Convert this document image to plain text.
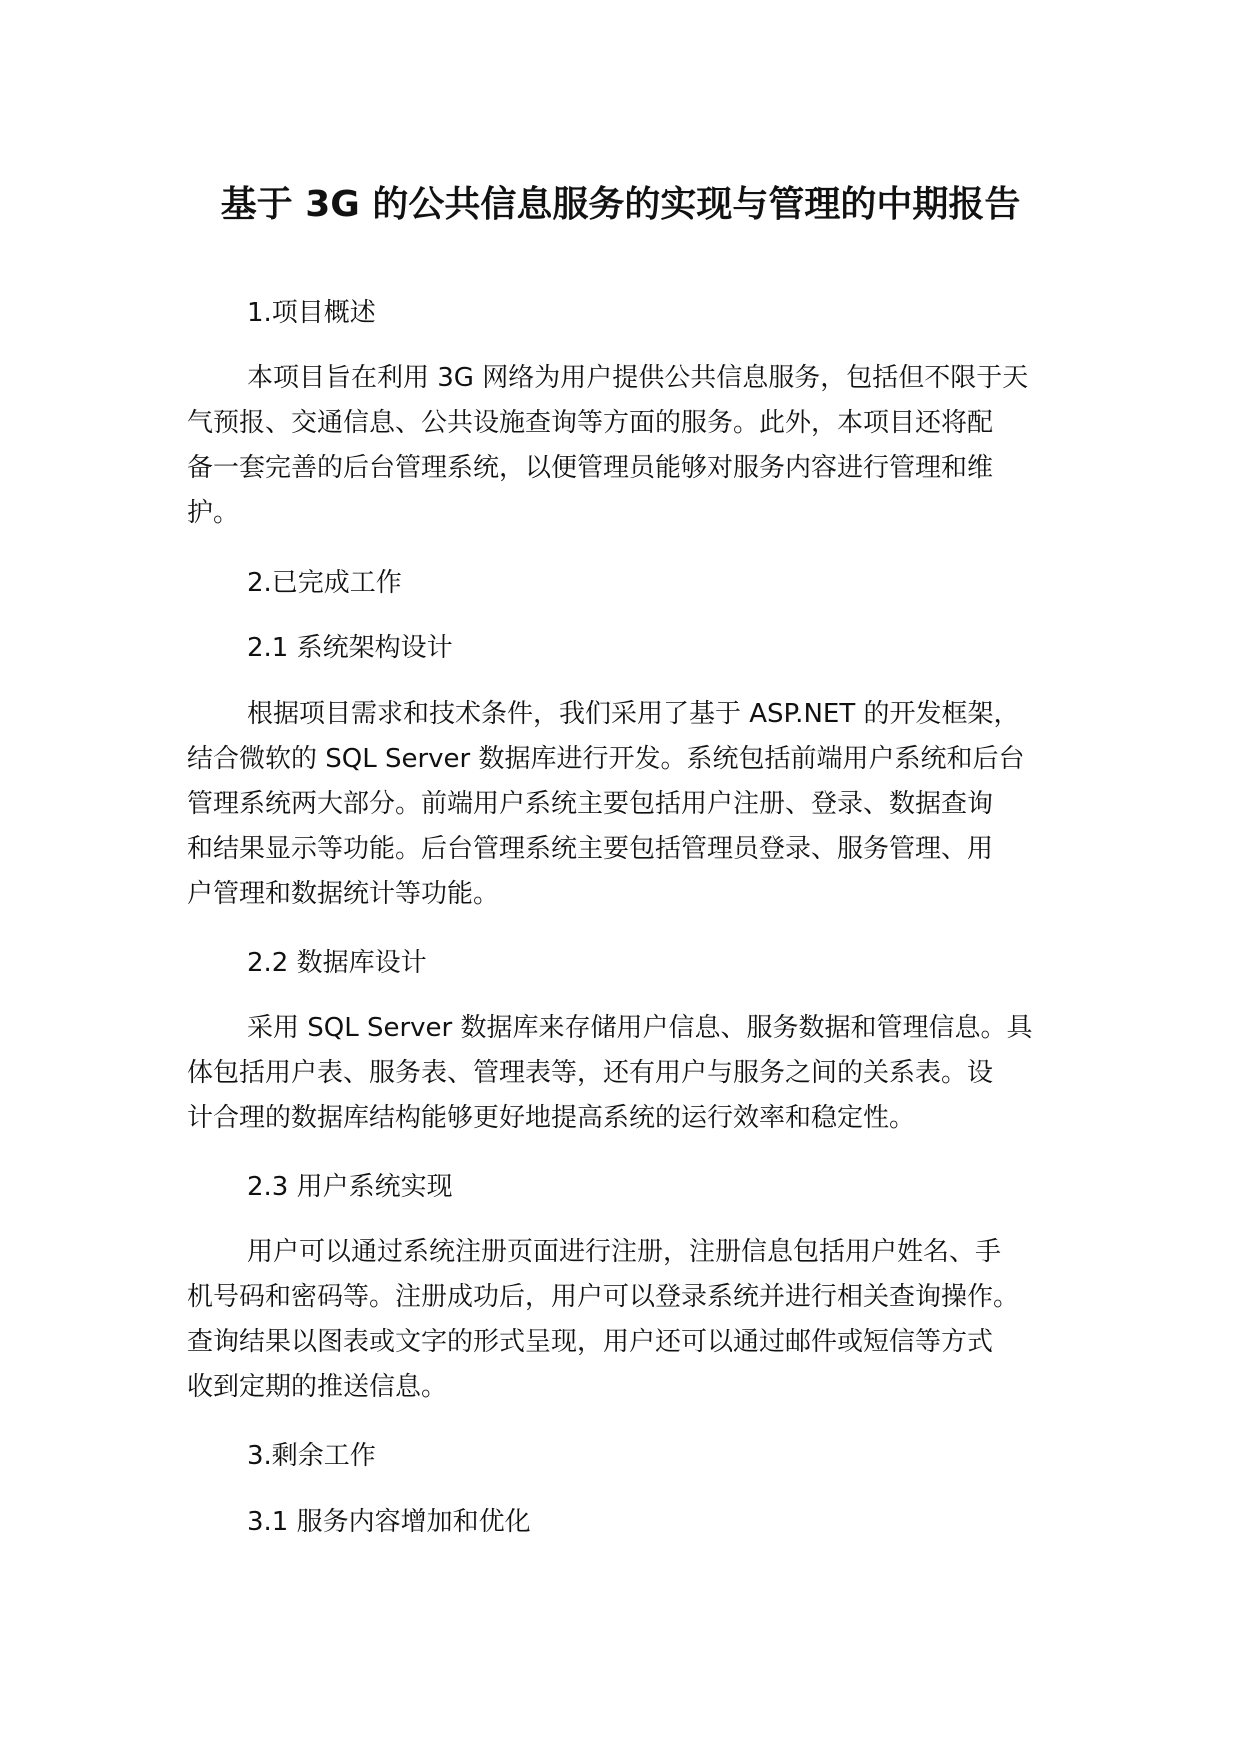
基于 3G 的公共信息服务的实现与管理的中期报告

1.项目概述

本项目旨在利用 3G 网络为用户提供公共信息服务，包括但不限于天

气预报、交通信息、公共设施查询等方面的服务。此外，本项目还将配

备一套完善的后台管理系统，以便管理员能够对服务内容进行管理和维

护。

2.已完成工作

2.1 系统架构设计

根据项目需求和技术条件，我们采用了基于 ASP.NET 的开发框架，

结合微软的 SQL Server 数据库进行开发。系统包括前端用户系统和后台

管理系统两大部分。前端用户系统主要包括用户注册、登录、数据查询

和结果显示等功能。后台管理系统主要包括管理员登录、服务管理、用

户管理和数据统计等功能。

2.2 数据库设计

采用 SQL Server 数据库来存储用户信息、服务数据和管理信息。具

体包括用户表、服务表、管理表等，还有用户与服务之间的关系表。设

计合理的数据库结构能够更好地提高系统的运行效率和稳定性。

2.3 用户系统实现

用户可以通过系统注册页面进行注册，注册信息包括用户姓名、手

机号码和密码等。注册成功后，用户可以登录系统并进行相关查询操作。

查询结果以图表或文字的形式呈现，用户还可以通过邮件或短信等方式

收到定期的推送信息。

3.剩余工作

3.1 服务内容增加和优化
